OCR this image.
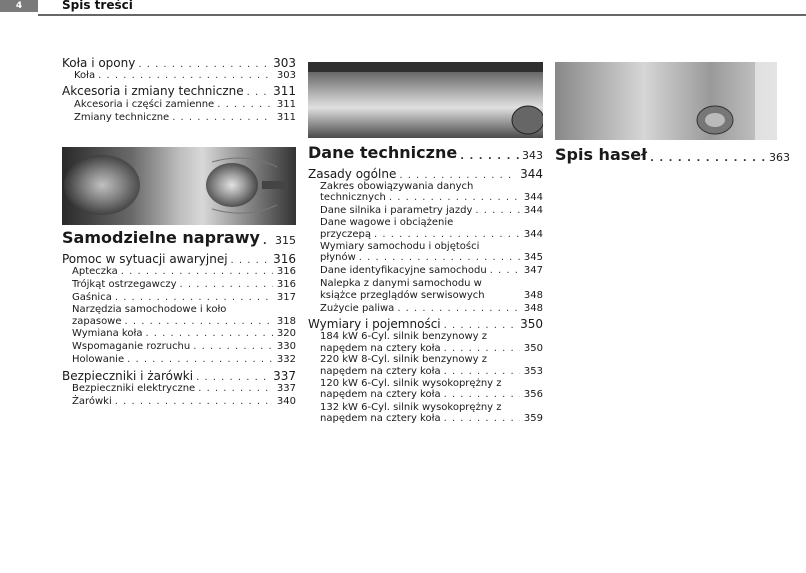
4	Spis treści
Koła i opony . . .	303
Koła . . .	303
Akcesoria i zmiany techniczne . . . 311
Akcesoria i części zamienne . . .	311
Zmiany techniczne . . .	311
Samodzielne naprawy . . . 315
Pomoc w sytuacji awaryjnej . . .	316
Apteczka . . .	316
Trójkąt ostrzegawczy . . .	316
Gaśnica . . .	317
Narzędzia samochodowe i koło
zapasowe . . .	318
Wymiana koła . . .	320
Wspomaganie rozruchu . . .	330
Holowanie . . .	332
Bezpieczniki i żarówki . . .	337
Bezpieczniki elektryczne . . .	337
Żarówki . . .	340
Dane techniczne . . .	343
Zasady ogólne . . .	344
Zakres obowiązywania danych
technicznych . . .	344
Dane silnika i parametry jazdy . . .	344
Dane wagowe i obciążenie
przyczepą . . .	344
Wymiary samochodu i objętości
płynów . . .	345
Dane identyfikacyjne samochodu . . .	347
Nalepka z danymi samochodu w
książce przeglądów serwisowych	348
Zużycie paliwa . . .	348
Wymiary i pojemności . . .	350
184 kW 6-Cyl. silnik benzynowy z
napędem na cztery koła . . .	350
220 kW 8-Cyl. silnik benzynowy z
napędem na cztery koła . . .	353
120 kW 6-Cyl. silnik wysokoprężny z
napędem na cztery koła . . .	356
132 kW 6-Cyl. silnik wysokoprężny z
napędem na cztery koła . . .	359
Spis haseł . . .	363
